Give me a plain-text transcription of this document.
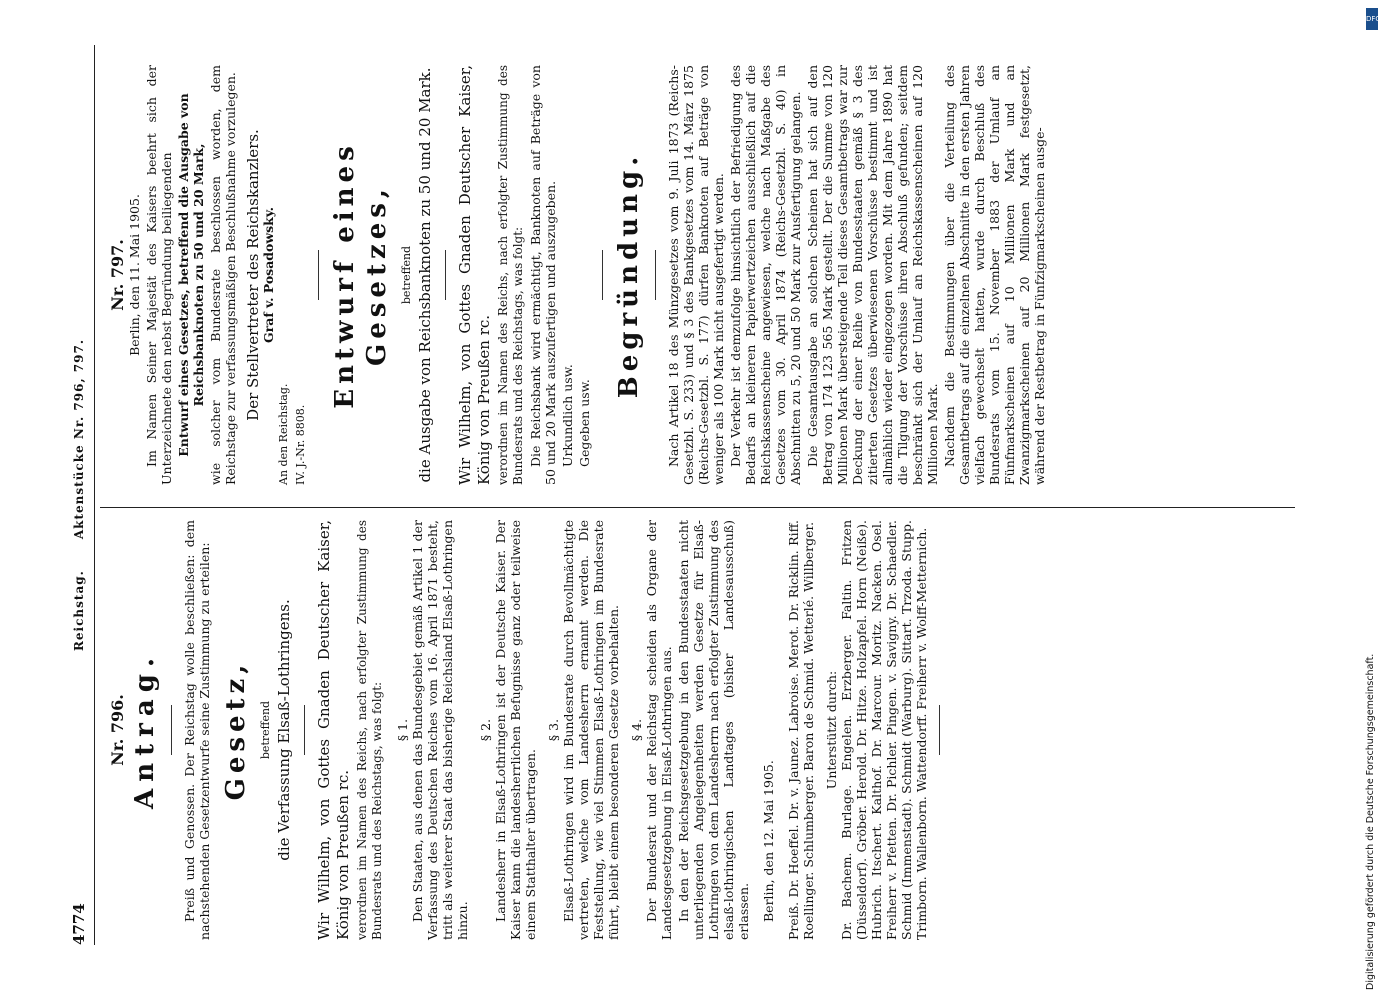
4774
Reichstag.      Aktenstücke Nr. 796, 797.
Nr. 796. Antrag. Preiß und Genossen. Der Reichstag wolle beschließen: dem nachstehenden Gesetzentwurfe seine Zustimmung zu erteilen: Gesetz, betreffend die Verfassung Elsaß-Lothringens. Wir Wilhelm, von Gottes Gnaden Deutscher Kaiser, König von Preußen rc. verordnen im Namen des Reichs, nach erfolgter Zustimmung des Bundesrats und des Reichstags, was folgt: § 1. Den Staaten, aus denen das Bundesgebiet gemäß Artikel 1 der Verfassung des Deutschen Reiches vom 16. April 1871 besteht, tritt als weiterer Staat das bisherige Reichsland Elsaß-Lothringen hinzu.

§ 2. Landesherr in Elsaß-Lothringen ist der Deutsche Kaiser. Der Kaiser kann die landesherrlichen Befugnisse ganz oder teilweise einem Statthalter übertragen.

§ 3. Elsaß-Lothringen wird im Bundesrate durch Bevollmächtigte vertreten, welche vom Landesherrn ernannt werden. Die Feststellung, wie viel Stimmen Elsaß-Lothringen im Bundesrate führt, bleibt einem besonderen Gesetze vorbehalten. § 4. Der Bundesrat und der Reichstag scheiden als Organe der Landesgesetzgebung in Elsaß-Lothringen aus. In den der Reichsgesetzgebung in den Bundesstaaten nicht unterliegenden Angelegenheiten werden Gesetze für Elsaß-Lothringen von dem Landesherrn nach erfolgter Zustimmung des elsaß-lothringischen Landtages (bisher Landesausschuß) erlassen. Berlin, den 12. Mai 1905. Preiß. Dr. Hoeffel. Dr. v. Jaunez. Labroise. Merot. Dr. Ricklin. Riff. Roellinger. Schlumberger. Baron de Schmid. Wetterlé. Willberger. Unterstützt durch: Dr. Bachem. Burlage. Engelen. Erzberger. Faltin. Fritzen (Düsseldorf). Gröber. Herold. Dr. Hitze. Holzapfel. Horn (Neiße). Hubrich. Itschert. Kalthof. Dr. Marcour. Moritz. Nacken. Osel. Freiherr v. Pfetten. Dr. Pichler. Pingen. v. Savigny. Dr. Schaedler. Schmid (Immenstadt). Schmidt (Warburg). Sittart. Trzoda. Stupp. Trimborn. Wallenborn. Wattendorff. Freiherr v. Wolff-Metternich.

Nr. 797. Berlin, den 11. Mai 1905. Im Namen Seiner Majestät des Kaisers beehrt sich der Unterzeichnete den nebst Begründung beiliegenden Entwurf eines Gesetzes, betreffend die Ausgabe von Reichsbanknoten zu 50 und 20 Mark, wie solcher vom Bundesrate beschlossen worden, dem Reichstage zur verfassungsmäßigen Beschlußnahme vorzulegen. Der Stellvertreter des Reichskanzlers. Graf v. Posadowsky.

An den Reichstag. IV. J.-Nr. 8808.

Entwurf eines Gesetzes, betreffend die Ausgabe von Reichsbanknoten zu 50 und 20 Mark. Wir Wilhelm, von Gottes Gnaden Deutscher Kaiser, König von Preußen rc. verordnen im Namen des Reichs, nach erfolgter Zustimmung des Bundesrats und des Reichstags, was folgt: Die Reichsbank wird ermächtigt, Banknoten auf Beträge von 50 und 20 Mark auszufertigen und auszugeben. Urkundlich usw. Gegeben usw.

Begründung. Nach Artikel 18 des Münzgesetzes vom 9. Juli 1873 (Reichs-Gesetzbl. S. 233) und § 3 des Bankgesetzes vom 14. März 1875 (Reichs-Gesetzbl. S. 177) dürfen Banknoten auf Beträge von weniger als 100 Mark nicht ausgefertigt werden. Der Verkehr ist demzufolge hinsichtlich der Befriedigung des Bedarfs an kleineren Papierwertzeichen ausschließlich auf die Reichskassenscheine angewiesen, welche nach Maßgabe des Gesetzes vom 30. April 1874 (Reichs-Gesetzbl. S. 40) in Abschnitten zu 5, 20 und 50 Mark zur Ausfertigung gelangen. Die Gesamtausgabe an solchen Scheinen hat sich auf den Betrag von 174 123 565 Mark gestellt. Der die Summe von 120 Millionen Mark übersteigende Teil dieses Gesamtbetrags war zur Deckung der einer Reihe von Bundesstaaten gemäß § 3 des zitierten Gesetzes überwiesenen Vorschüsse bestimmt und ist allmählich wieder eingezogen worden. Mit dem Jahre 1890 hat die Tilgung der Vorschüsse ihren Abschluß gefunden; seitdem beschränkt sich der Umlauf an Reichskassenscheinen auf 120 Millionen Mark. Nachdem die Bestimmungen über die Verteilung des Gesamtbetrags auf die einzelnen Abschnitte in den ersten Jahren vielfach gewechselt hatten, wurde durch Beschluß des Bundesrats vom 15. November 1883 der Umlauf an Fünfmarkscheinen auf 10 Millionen Mark und an Zwanzigmarkscheinen auf 20 Millionen Mark festgesetzt, während der Restbetrag in Fünfzigmarkscheinen ausge-

DFG
Digitalisierung gefördert durch die Deutsche Forschungsgemeinschaft.
